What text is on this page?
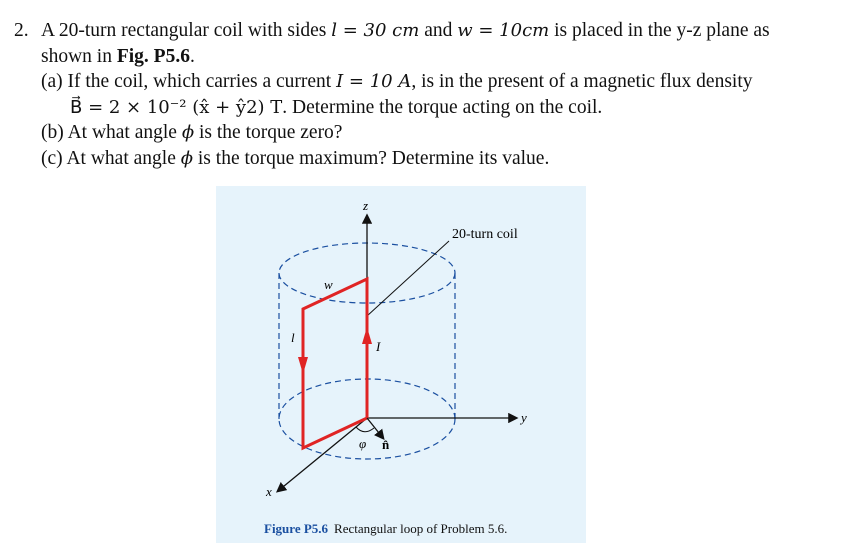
2. A 20-turn rectangular coil with sides l = 30 cm and w = 10cm is placed in the y-z plane as
shown in Fig. P5.6.
(a) If the coil, which carries a current I = 10 A, is in the present of a magnetic flux density
B⃗ = 2 × 10⁻² (x̂ + ŷ2) T. Determine the torque acting on the coil.
(b) At what angle ϕ is the torque zero?
(c) At what angle ϕ is the torque maximum? Determine its value.
z
y
x
w
l
I
φ n̂
20-turn coil
Figure P5.6 Rectangular loop of Problem 5.6.
